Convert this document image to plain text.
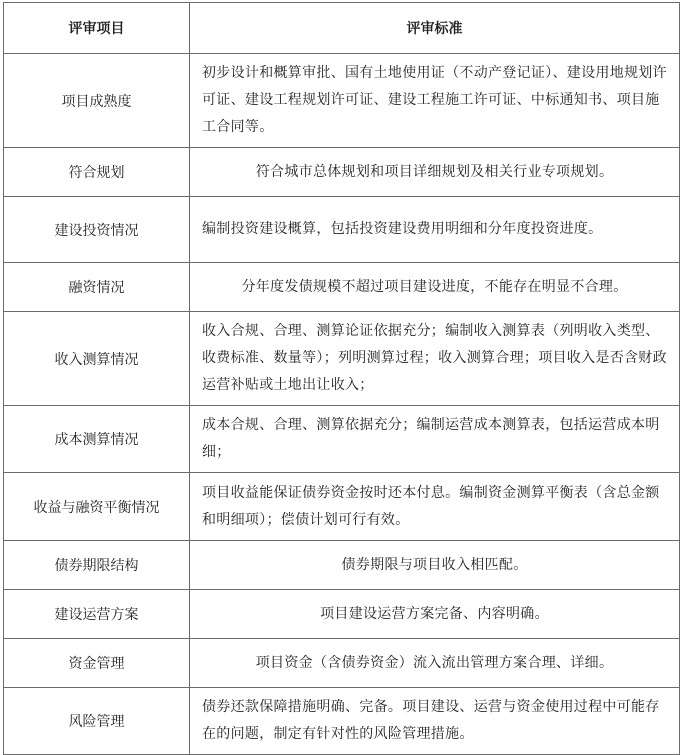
评审项目	评审标准
项目成熟度	初步设计和概算审批、国有土地使用证（不动产登记证）、建设用地规划许可证、建设工程规划许可证、建设工程施工许可证、中标通知书、项目施工合同等。
符合规划	符合城市总体规划和项目详细规划及相关行业专项规划。
建设投资情况	编制投资建设概算，包括投资建设费用明细和分年度投资进度。
融资情况	分年度发债规模不超过项目建设进度，不能存在明显不合理。
收入测算情况	收入合规、合理、测算论证依据充分；编制收入测算表（列明收入类型、收费标准、数量等）；列明测算过程；收入测算合理；项目收入是否含财政运营补贴或土地出让收入；
成本测算情况	成本合规、合理、测算依据充分；编制运营成本测算表，包括运营成本明细；
收益与融资平衡情况	项目收益能保证债券资金按时还本付息。编制资金测算平衡表（含总金额和明细项）；偿债计划可行有效。
债券期限结构	债券期限与项目收入相匹配。
建设运营方案	项目建设运营方案完备、内容明确。
资金管理	项目资金（含债券资金）流入流出管理方案合理、详细。
风险管理	债券还款保障措施明确、完备。项目建设、运营与资金使用过程中可能存在的问题，制定有针对性的风险管理措施。
